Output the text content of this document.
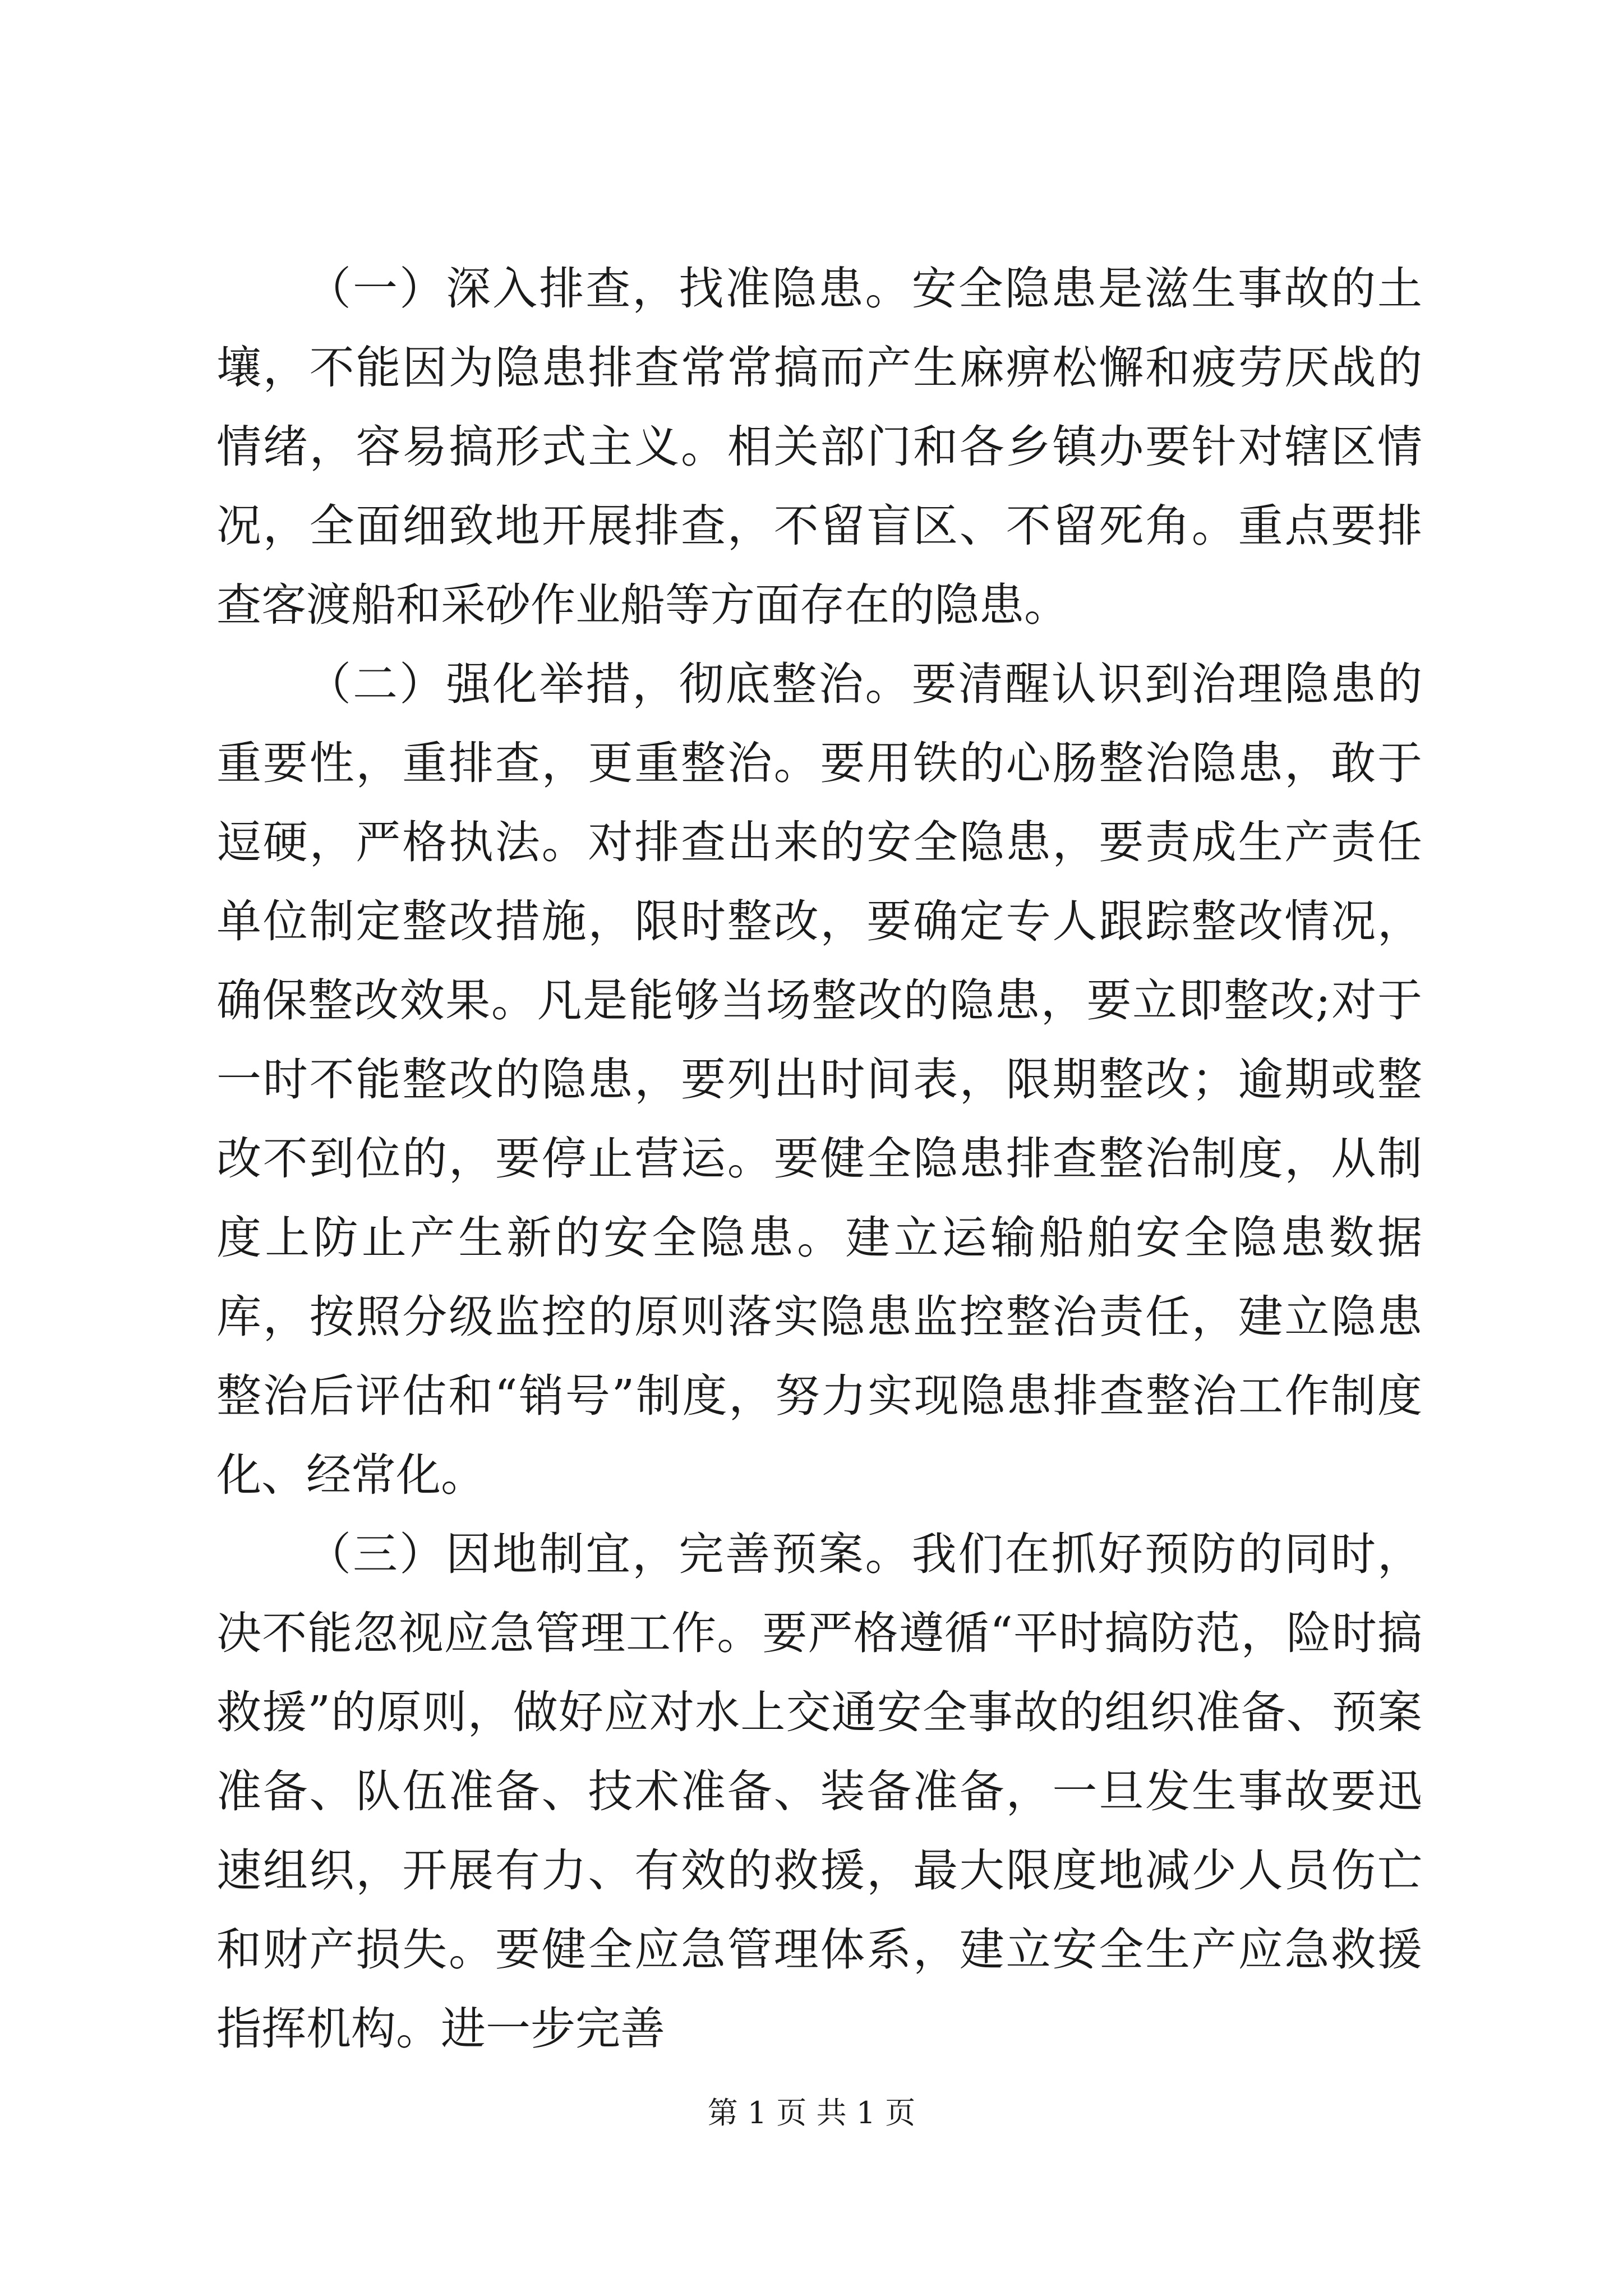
（一）深入排查，找准隐患。安全隐患是滋生事故的土壤，不能因为隐患排查常常搞而产生麻痹松懈和疲劳厌战的情绪，容易搞形式主义。相关部门和各乡镇办要针对辖区情况，全面细致地开展排查，不留盲区、不留死角。重点要排查客渡船和采砂作业船等方面存在的隐患。

（二）强化举措，彻底整治。要清醒认识到治理隐患的重要性，重排查，更重整治。要用铁的心肠整治隐患，敢于逗硬，严格执法。对排查出来的安全隐患，要责成生产责任单位制定整改措施，限时整改，要确定专人跟踪整改情况，确保整改效果。凡是能够当场整改的隐患，要立即整改;对于一时不能整改的隐患，要列出时间表，限期整改；逾期或整改不到位的，要停止营运。要健全隐患排查整治制度，从制度上防止产生新的安全隐患。建立运输船舶安全隐患数据库，按照分级监控的原则落实隐患监控整治责任，建立隐患整治后评估和“销号”制度，努力实现隐患排查整治工作制度化、经常化。

（三）因地制宜，完善预案。我们在抓好预防的同时，决不能忽视应急管理工作。要严格遵循“平时搞防范，险时搞救援”的原则，做好应对水上交通安全事故的组织准备、预案准备、队伍准备、技术准备、装备准备，一旦发生事故要迅速组织，开展有力、有效的救援，最大限度地减少人员伤亡和财产损失。要健全应急管理体系，建立安全生产应急救援指挥机构。进一步完善

第 1 页 共 1 页
